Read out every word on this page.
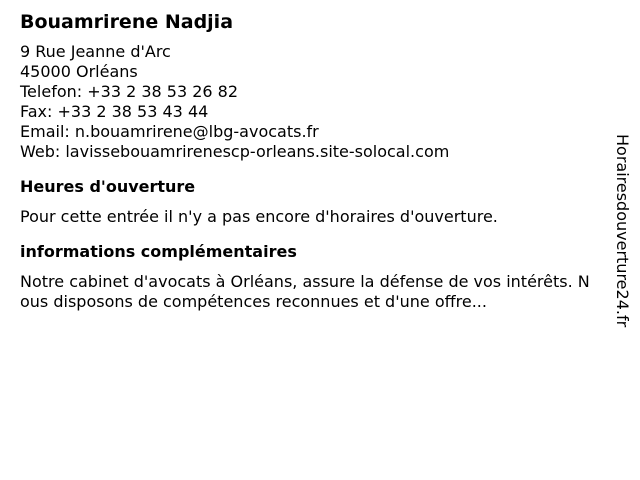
Bouamrirene Nadjia

9 Rue Jeanne d'Arc

45000 Orléans

Telefon: +33 2 38 53 26 82

Fax: +33 2 38 53 43 44

Email: n.bouamrirene@lbg-avocats.fr

Web: lavissebouamrirenescp-orleans.site-solocal.com

Heures d'ouverture

Pour cette entrée il n'y a pas encore d'horaires d'ouverture.

informations complémentaires

Notre cabinet d'avocats à Orléans, assure la défense de vos intérêts. Nous disposons de compétences reconnues et d'une offre...	Horairesdouverture24.fr
